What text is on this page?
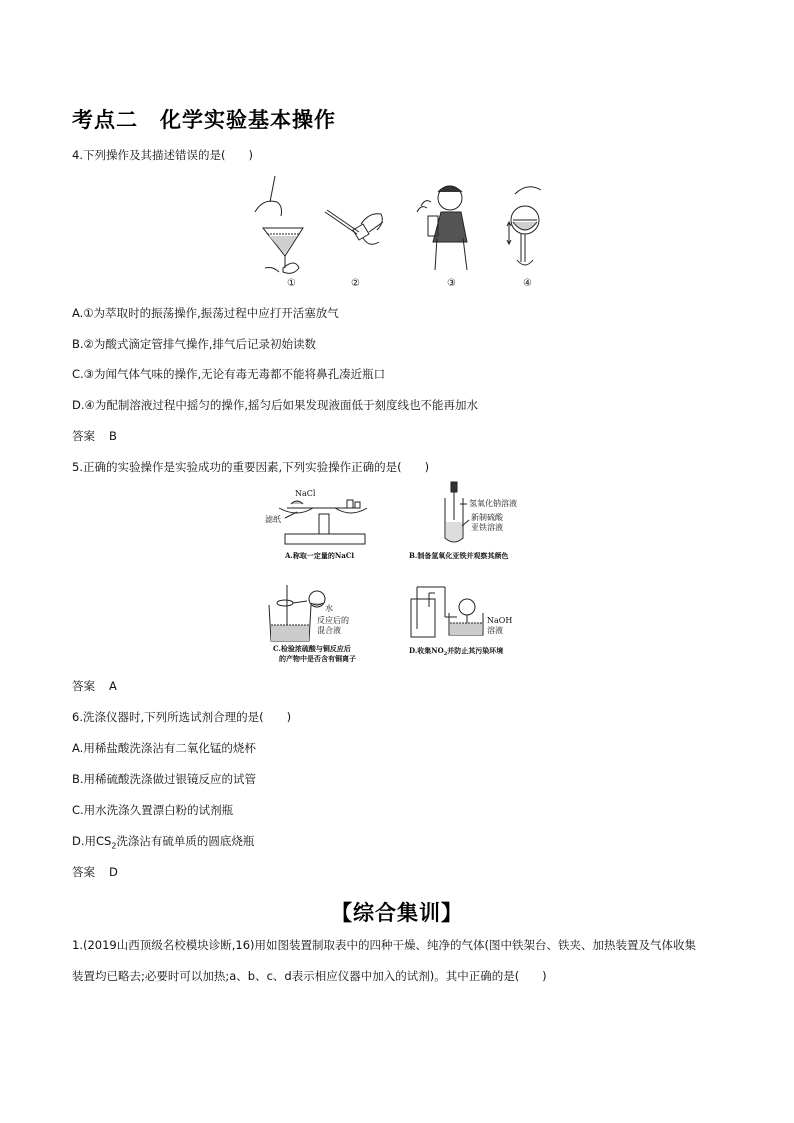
考点二　化学实验基本操作
4.下列操作及其描述错误的是(　　)
①	②	③	④
A.①为萃取时的振荡操作,振荡过程中应打开活塞放气
B.②为酸式滴定管排气操作,排气后记录初始读数
C.③为闻气体气味的操作,无论有毒无毒都不能将鼻孔凑近瓶口
D.④为配制溶液过程中摇匀的操作,摇匀后如果发现液面低于刻度线也不能再加水
答案 B
5.正确的实验操作是实验成功的重要因素,下列实验操作正确的是(　　)
NaCl
滤纸
A.称取一定量的NaCl
氢氧化钠溶液
新制硫酸
亚铁溶液
B.制备氢氧化亚铁并观察其颜色
水
反应后的
混合液
C.检验浓硫酸与铜反应后
的产物中是否含有铜离子
NaOH
溶液
D.收集$NO_2$并防止其污染环境
答案 A
6.洗涤仪器时,下列所选试剂合理的是(　　)
A.用稀盐酸洗涤沾有二氧化锰的烧杯
B.用稀硫酸洗涤做过银镜反应的试管
C.用水洗涤久置漂白粉的试剂瓶
D.用$CS_2$洗涤沾有硫单质的圆底烧瓶
答案 D
【综合集训】
1.(2019山西顶级名校模块诊断,16)用如图装置制取表中的四种干燥、纯净的气体(图中铁架台、铁夹、加热装置及气体收集
装置均已略去;必要时可以加热;a、b、c、d表示相应仪器中加入的试剂)。其中正确的是(　　)
